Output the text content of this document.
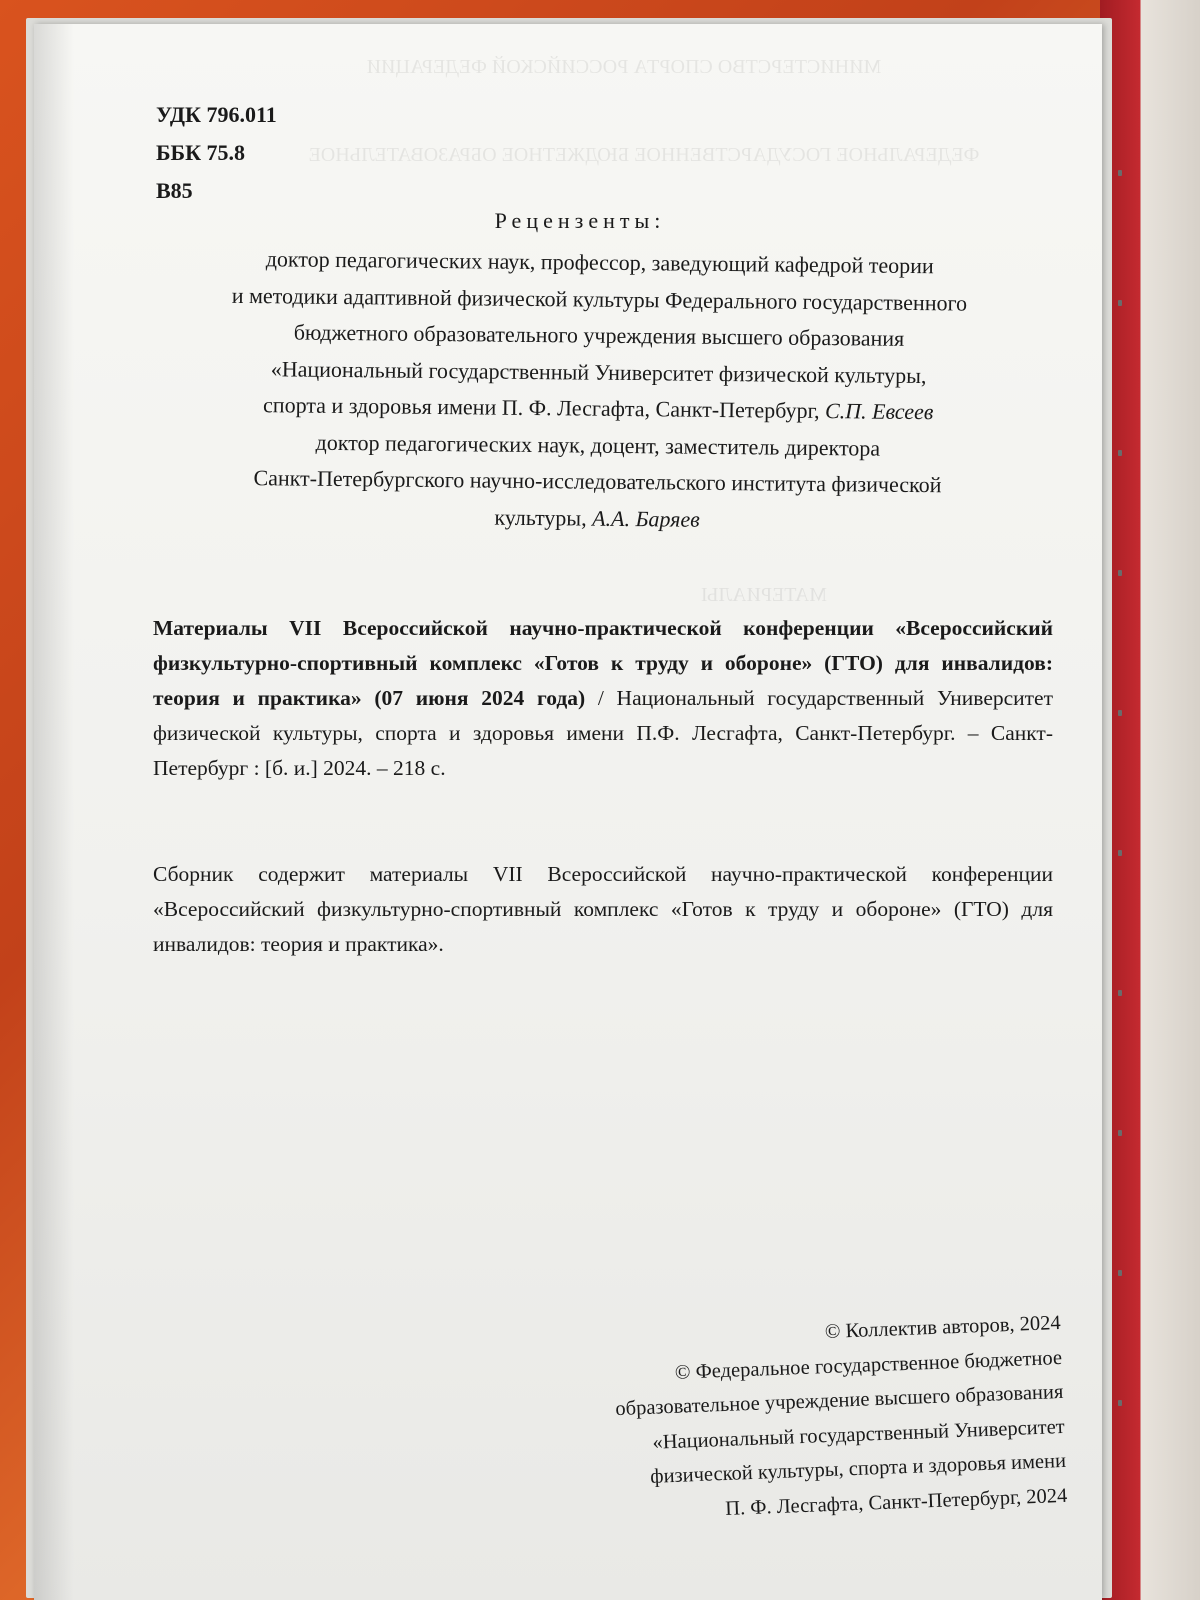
МИНИСТЕРСТВО СПОРТА РОССИЙСКОЙ ФЕДЕРАЦИИ
ФЕДЕРАЛЬНОЕ ГОСУДАРСТВЕННОЕ БЮДЖЕТНОЕ ОБРАЗОВАТЕЛЬНОЕ
МАТЕРИАЛЫ
УДК 796.011
ББК 75.8
В85
Рецензенты:

доктор педагогических наук, профессор, заведующий кафедрой теории

и методики адаптивной физической культуры Федерального государственного

бюджетного образовательного учреждения высшего образования

«Национальный государственный Университет физической культуры,

спорта и здоровья имени П. Ф. Лесгафта, Санкт-Петербург, С.П. Евсеев

доктор педагогических наук, доцент, заместитель директора

Санкт-Петербургского научно-исследовательского института физической

культуры, А.А. Баряев

Материалы VII Всероссийской научно-практической конференции «Всероссийский физкультурно-спортивный комплекс «Готов к труду и обороне» (ГТО) для инвалидов: теория и практика» (07 июня 2024 года) / Национальный государственный Университет физической культуры, спорта и здоровья имени П.Ф. Лесгафта, Санкт-Петербург. – Санкт-Петербург : [б. и.] 2024. – 218 с.

Сборник содержит материалы VII Всероссийской научно-практической конференции «Всероссийский физкультурно-спортивный комплекс «Готов к труду и обороне» (ГТО) для инвалидов: теория и практика».

© Коллектив авторов, 2024

© Федеральное государственное бюджетное

образовательное учреждение высшего образования

«Национальный государственный Университет

физической культуры, спорта и здоровья имени

П. Ф. Лесгафта, Санкт-Петербург, 2024
